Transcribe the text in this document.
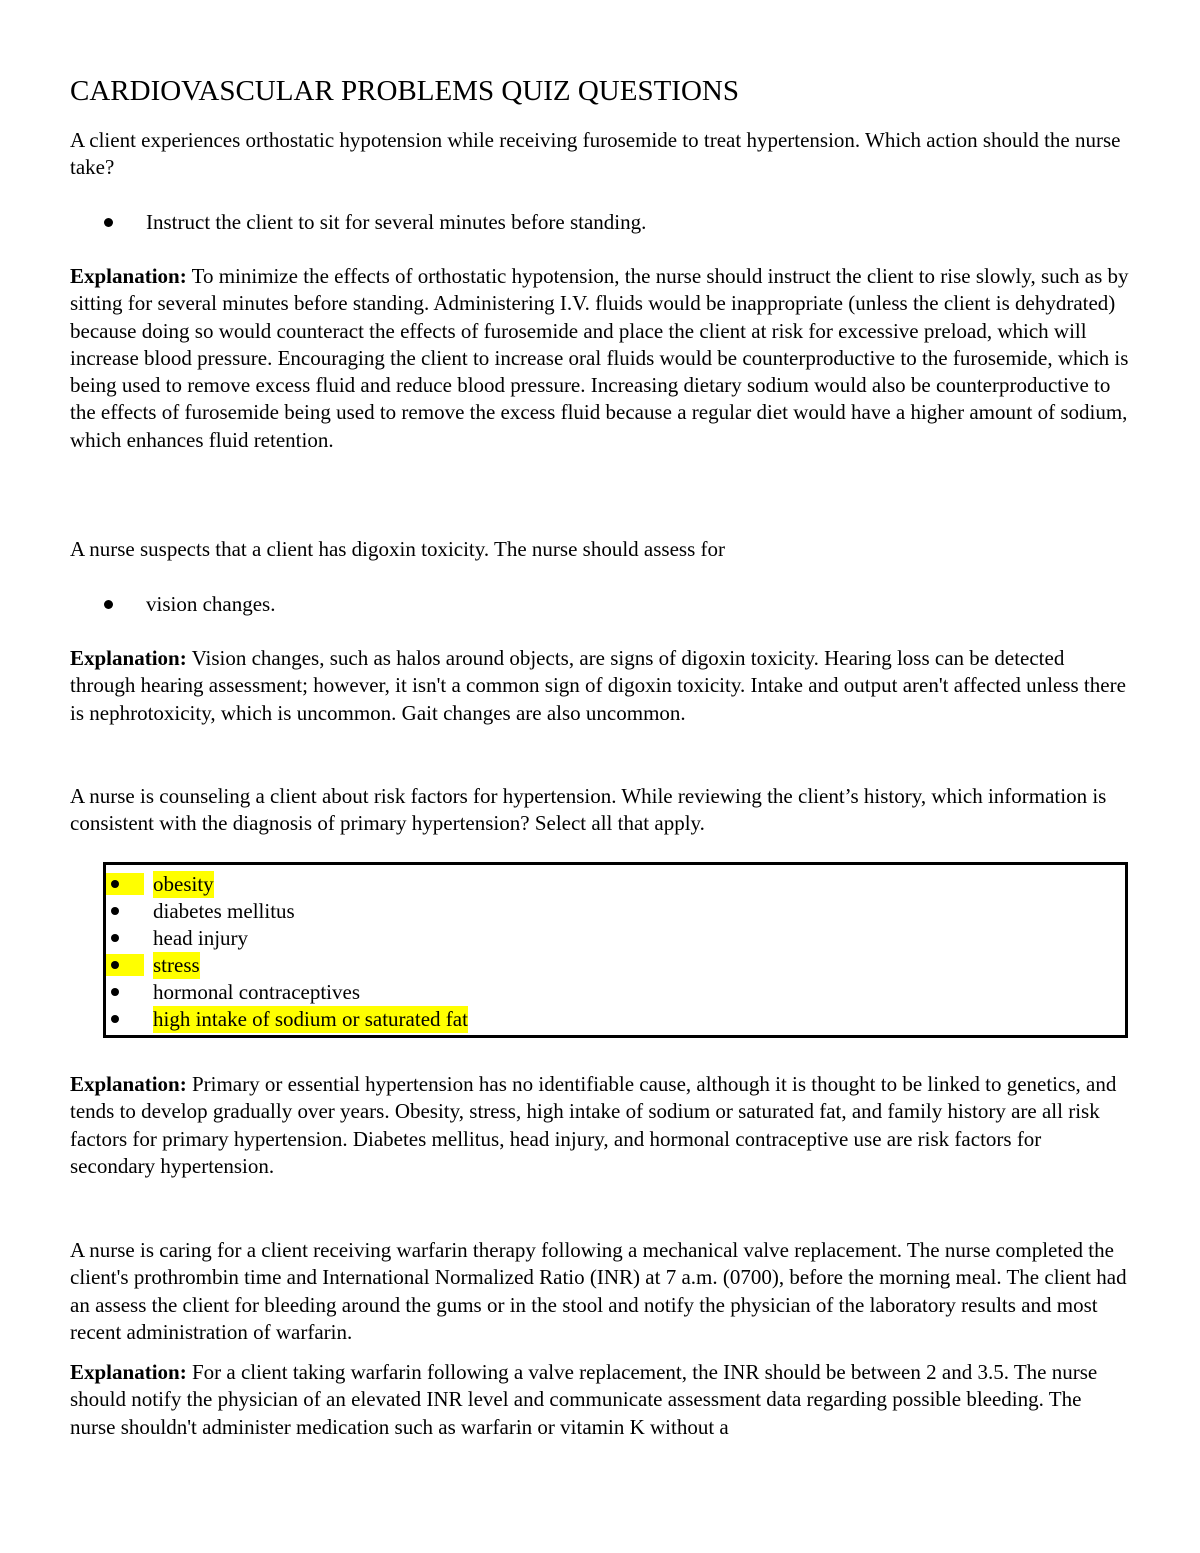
CARDIOVASCULAR PROBLEMS QUIZ QUESTIONS

A client experiences orthostatic hypotension while receiving furosemide to treat hypertension. Which action should the nurse take?

Instruct the client to sit for several minutes before standing.

Explanation: To minimize the effects of orthostatic hypotension, the nurse should instruct the client to rise slowly, such as by sitting for several minutes before standing. Administering I.V. fluids would be inappropriate (unless the client is dehydrated) because doing so would counteract the effects of furosemide and place the client at risk for excessive preload, which will increase blood pressure. Encouraging the client to increase oral fluids would be counterproductive to the furosemide, which is being used to remove excess fluid and reduce blood pressure. Increasing dietary sodium would also be counterproductive to the effects of furosemide being used to remove the excess fluid because a regular diet would have a higher amount of sodium, which enhances fluid retention.

A nurse suspects that a client has digoxin toxicity. The nurse should assess for

vision changes.

Explanation: Vision changes, such as halos around objects, are signs of digoxin toxicity. Hearing loss can be detected through hearing assessment; however, it isn't a common sign of digoxin toxicity. Intake and output aren't affected unless there is nephrotoxicity, which is uncommon. Gait changes are also uncommon.

A nurse is counseling a client about risk factors for hypertension. While reviewing the client’s history, which information is consistent with the diagnosis of primary hypertension? Select all that apply.

obesity
diabetes mellitus
head injury
stress
hormonal contraceptives
high intake of sodium or saturated fat

Explanation: Primary or essential hypertension has no identifiable cause, although it is thought to be linked to genetics, and tends to develop gradually over years. Obesity, stress, high intake of sodium or saturated fat, and family history are all risk factors for primary hypertension. Diabetes mellitus, head injury, and hormonal contraceptive use are risk factors for secondary hypertension.

A nurse is caring for a client receiving warfarin therapy following a mechanical valve replacement. The nurse completed the client's prothrombin time and International Normalized Ratio (INR) at 7 a.m. (0700), before the morning meal. The client had an assess the client for bleeding around the gums or in the stool and notify the physician of the laboratory results and most recent administration of warfarin.

Explanation: For a client taking warfarin following a valve replacement, the INR should be between 2 and 3.5. The nurse should notify the physician of an elevated INR level and communicate assessment data regarding possible bleeding. The nurse shouldn't administer medication such as warfarin or vitamin K without a
